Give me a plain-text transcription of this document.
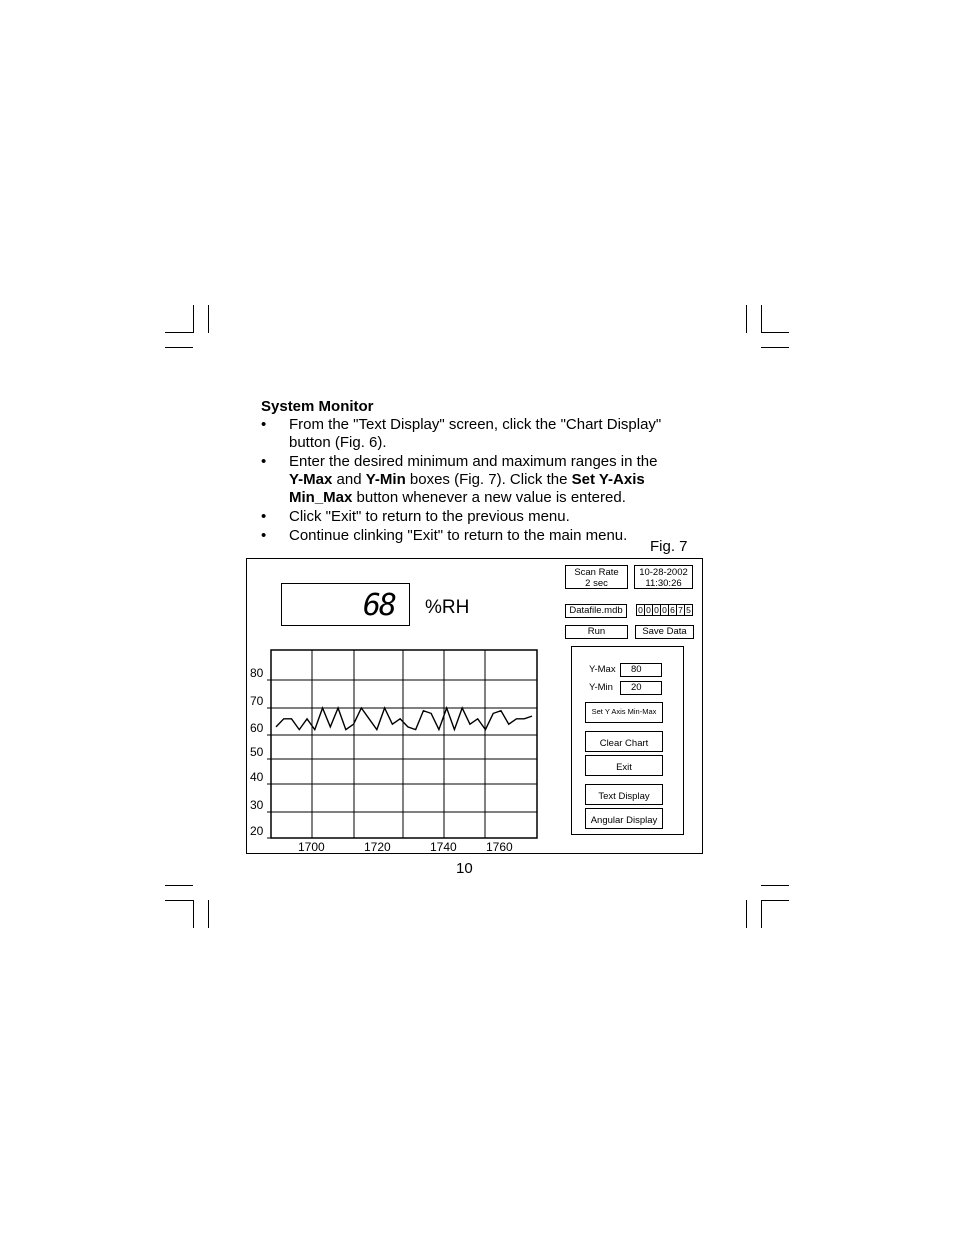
System Monitor
• From the "Text Display" screen, click the "Chart Display"
button (Fig. 6).
• Enter the desired minimum and maximum ranges in the
Y-Max and Y-Min boxes (Fig. 7). Click the Set Y-Axis
Min_Max button whenever a new value is entered.
• Click "Exit" to return to the previous menu.
• Continue clinking "Exit" to return to the main menu.
Fig. 7
68 %RH
Scan Rate
2 sec
10-28-2002
11:30:26
Datafile.mdb	0 0 0 0 6 7 5
Run	Save Data
Y-Max	80
Y-Min	20
Set Y Axis Min-Max
Clear Chart
Exit
Text Display
Angular Display
80
70
60
50
40
30
20
1700	1720	1740 1760
10
